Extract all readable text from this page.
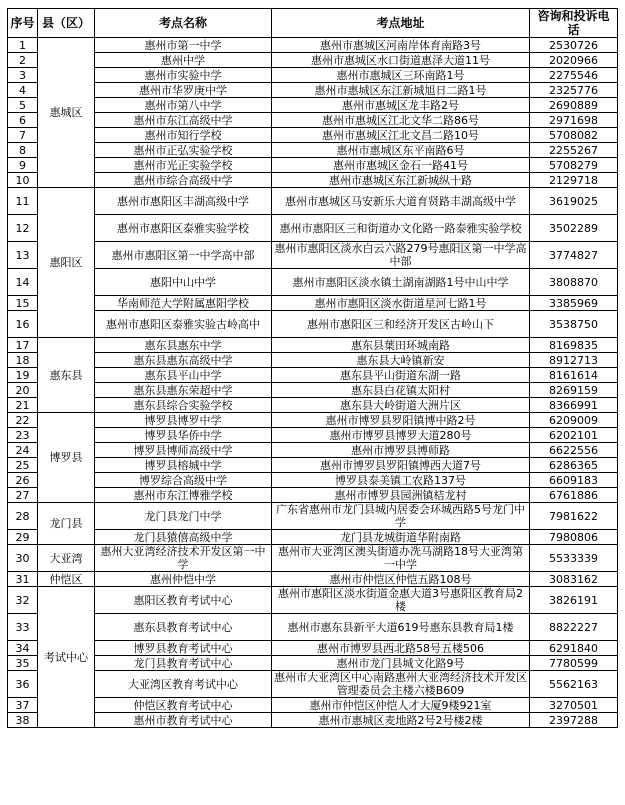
序号	县（区）	考点名称	考点地址	咨询和投诉电话
1	惠城区	惠州市第一中学	惠州市惠城区河南岸体育南路3号	2530726
2		惠州中学	惠州市惠城区水口街道惠泽大道11号	2020966
3		惠州市实验中学	惠州市惠城区三环南路1号	2275546
4		惠州市华罗庚中学	惠州市惠城区东江新城旭日二路1号	2325776
5		惠州市第八中学	惠州市惠城区龙丰路2号	2690889
6		惠州市东江高级中学	惠州市惠城区江北文华二路86号	2971698
7		惠州市知行学校	惠州市惠城区江北文昌二路10号	5708082
8		惠州市正弘实验学校	惠州市惠城区东平南路6号	2255267
9		惠州市光正实验学校	惠州市惠城区金石一路41号	5708279
10		惠州市综合高级中学	惠州市惠城区东江新城纵十路	2129718
11	惠阳区	惠州市惠阳区丰湖高级中学	惠州市惠城区马安新乐大道育贤路丰湖高级中学	3619025
12		惠州市惠阳区泰雅实验学校	惠州市惠阳区三和街道办文化路一路泰雅实验学校	3502289
13		惠州市惠阳区第一中学高中部	惠州市惠阳区淡水白云六路279号惠阳区第一中学高中部	3774827
14		惠阳中山中学	惠州市惠阳区淡水镇土湖南湖路1号中山中学	3808870
15		华南师范大学附属惠阳学校	惠州市惠阳区淡水街道星河七路1号	3385969
16		惠州市惠阳区泰雅实验古岭高中	惠州市惠阳区三和经济开发区古岭山下	3538750
17	惠东县	惠东县惠东中学	惠东县葉田环城南路	8169835
18		惠东县惠东高级中学	惠东县大岭镇新安	8912713
19		惠东县平山中学	惠东县平山街道东湖一路	8161614
20		惠东县惠东荣超中学	惠东县白花镇太阳村	8269159
21		惠东县综合实验学校	惠东县大岭街道大洲片区	8366991
22	博罗县	博罗县博罗中学	惠州市博罗县罗阳镇博中路2号	6209009
23		博罗县华侨中学	惠州市博罗县博罗大道280号	6202101
24		博罗县博师高级中学	惠州市博罗县博师路	6622556
25		博罗县榕城中学	惠州市博罗县罗阳镇博西大道7号	6286365
26		博罗综合高级中学	博罗县泰美镇工农路137号	6609183
27		惠州市东江博雅学校	惠州市博罗县园洲镇桔龙村	6761886
28	龙门县	龙门县龙门中学	广东省惠州市龙门县城内居委会环城西路5号龙门中学	7981622
29		龙门县猿僖高级中学	龙门县龙城街道华附南路	7980806
30	大亚湾	惠州大亚湾经济技术开发区第一中学	惠州市大亚湾区澳头街道办冼马湖路18号大亚湾第一中学	5533339
31	仲恺区	惠州仲恺中学	惠州市仲恺区仲恺五路108号	3083162
32	考试中心	惠阳区教育考试中心	惠州市惠阳区淡水街道金惠大道3号惠阳区教育局2楼	3826191
33		惠东县教育考试中心	惠州市惠东县新平大道619号惠东县教育局1楼	8822227
34		博罗县教育考试中心	惠州市博罗县西北路58号五楼506	6291840
35		龙门县教育考试中心	惠州市龙门县城文化路9号	7780599
36		大亚湾区教育考试中心	惠州市大亚湾区中心南路惠州大亚湾经济技术开发区管理委员会主楼六楼B609	5562163
37		仲恺区教育考试中心	惠州市仲恺区仲恺人才大厦9楼921室	3270501
38		惠州市教育考试中心	惠州市惠城区麦地路2号2号楼2楼	2397288
